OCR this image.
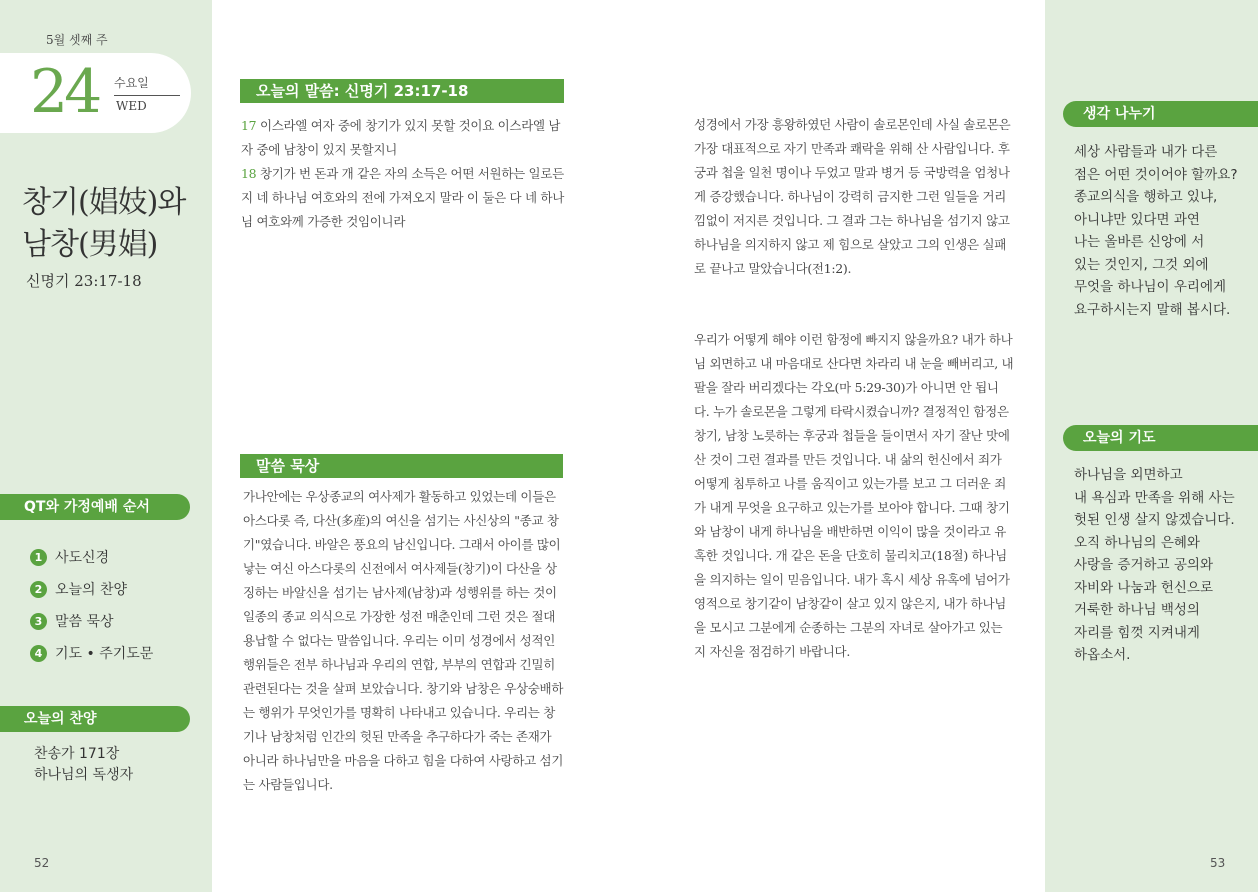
5월 셋째 주
24 수요일
WED
창기(娼妓)와
남창(男娼)
신명기 23:17-18
QT와 가정예배 순서
1 사도신경
2 오늘의 찬양
3 말씀 묵상
4 기도 • 주기도문
오늘의 찬양
찬송가 171장
하나님의 독생자
52
오늘의 말씀: 신명기 23:17-18

17 이스라엘 여자 중에 창기가 있지 못할 것이요 이스라엘 남자 중에 남창이 있지 못할지니

18 창기가 번 돈과 개 같은 자의 소득은 어떤 서원하는 일로든지 네 하나님 여호와의 전에 가져오지 말라 이 둘은 다 네 하나님 여호와께 가증한 것임이니라

말씀 묵상

가나안에는 우상종교의 여사제가 활동하고 있었는데 이들은 아스다롯 즉, 다산(多産)의 여신을 섬기는 사신상의 "종교 창기"였습니다. 바알은 풍요의 남신입니다. 그래서 아이를 많이 낳는 여신 아스다롯의 신전에서 여사제들(창기)이 다산을 상징하는 바알신을 섬기는 남사제(남창)과 성행위를 하는 것이 일종의 종교 의식으로 가장한 성전 매춘인데 그런 것은 절대 용납할 수 없다는 말씀입니다. 우리는 이미 성경에서 성적인 행위들은 전부 하나님과 우리의 연합, 부부의 연합과 긴밀히 관련된다는 것을 살펴 보았습니다. 창기와 남창은 우상숭배하는 행위가 무엇인가를 명확히 나타내고 있습니다. 우리는 창기나 남창처럼 인간의 헛된 만족을 추구하다가 죽는 존재가 아니라 하나님만을 마음을 다하고 힘을 다하여 사랑하고 섬기는 사람들입니다.

성경에서 가장 흥왕하였던 사람이 솔로몬인데 사실 솔로몬은 가장 대표적으로 자기 만족과 쾌락을 위해 산 사람입니다. 후궁과 첩을 일천 명이나 두었고 말과 병거 등 국방력을 엄청나게 증강했습니다. 하나님이 강력히 금지한 그런 일들을 거리낌없이 저지른 것입니다. 그 결과 그는 하나님을 섬기지 않고 하나님을 의지하지 않고 제 힘으로 살았고 그의 인생은 실패로 끝나고 말았습니다(전1:2).

우리가 어떻게 해야 이런 함정에 빠지지 않을까요? 내가 하나님 외면하고 내 마음대로 산다면 차라리 내 눈을 빼버리고, 내 팔을 잘라 버리겠다는 각오(마 5:29-30)가 아니면 안 됩니다. 누가 솔로몬을 그렇게 타락시켰습니까? 결정적인 함정은 창기, 남창 노릇하는 후궁과 첩들을 들이면서 자기 잘난 맛에 산 것이 그런 결과를 만든 것입니다. 내 삶의 헌신에서 죄가 어떻게 침투하고 나를 움직이고 있는가를 보고 그 더러운 죄가 내게 무엇을 요구하고 있는가를 보아야 합니다. 그때 창기와 남창이 내게 하나님을 배반하면 이익이 많을 것이라고 유혹한 것입니다. 개 같은 돈을 단호히 물리치고(18절) 하나님을 의지하는 일이 믿음입니다. 내가 혹시 세상 유혹에 넘어가 영적으로 창기같이 남창같이 살고 있지 않은지, 내가 하나님을 모시고 그분에게 순종하는 그분의 자녀로 살아가고 있는지 자신을 점검하기 바랍니다.

생각 나누기
세상 사람들과 내가 다른
점은 어떤 것이어야 할까요?
종교의식을 행하고 있냐,
아니냐만 있다면 과연
나는 올바른 신앙에 서
있는 것인지, 그것 외에
무엇을 하나님이 우리에게
요구하시는지 말해 봅시다.
오늘의 기도
하나님을 외면하고
내 욕심과 만족을 위해 사는
헛된 인생 살지 않겠습니다.
오직 하나님의 은혜와
사랑을 증거하고 공의와
자비와 나눔과 헌신으로
거룩한 하나님 백성의
자리를 힘껏 지켜내게
하옵소서.
53
